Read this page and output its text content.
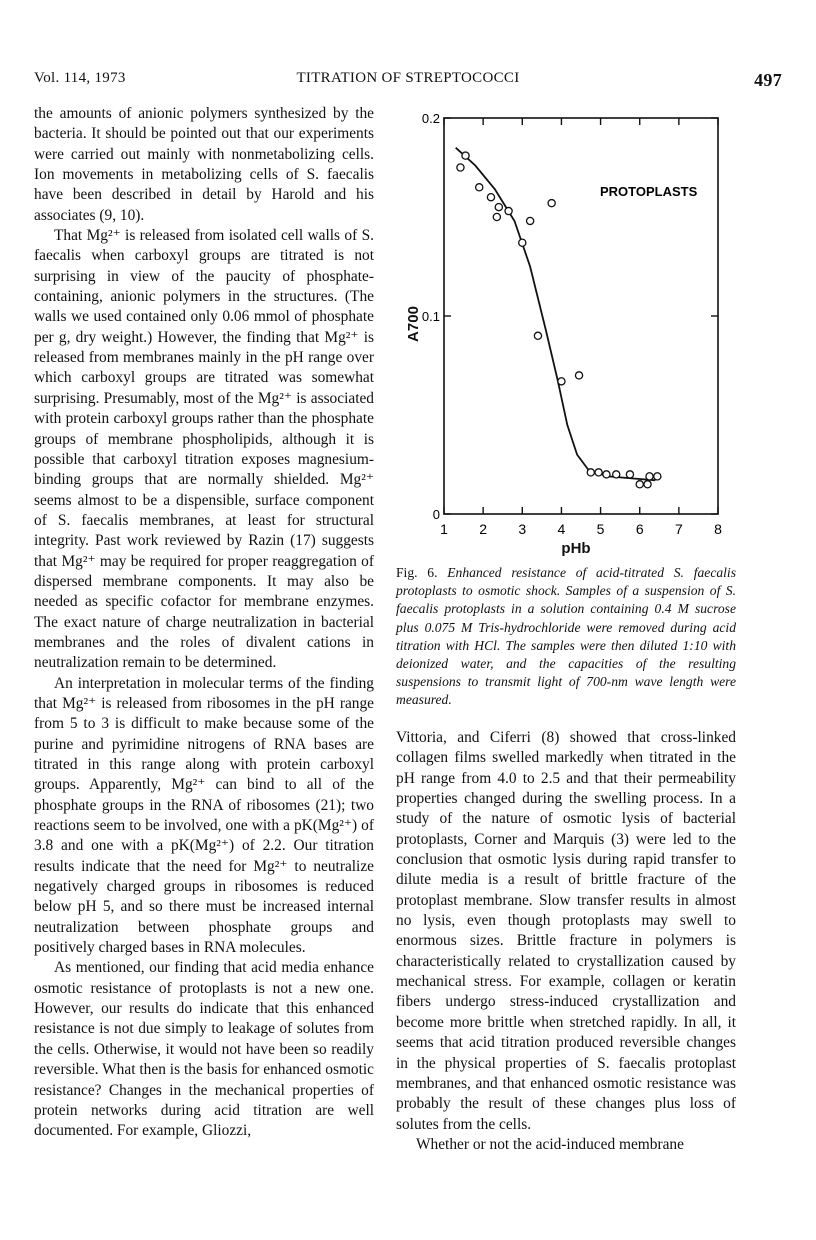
Vol. 114, 1973	TITRATION OF STREPTOCOCCI	497

the amounts of anionic polymers synthesized by the bacteria. It should be pointed out that our experiments were carried out mainly with nonmetabolizing cells. Ion movements in metabolizing cells of S. faecalis have been described in detail by Harold and his associates (9, 10).

That Mg²⁺ is released from isolated cell walls of S. faecalis when carboxyl groups are titrated is not surprising in view of the paucity of phosphate-containing, anionic polymers in the structures. (The walls we used contained only 0.06 mmol of phosphate per g, dry weight.) However, the finding that Mg²⁺ is released from membranes mainly in the pH range over which carboxyl groups are titrated was somewhat surprising. Presumably, most of the Mg²⁺ is associated with protein carboxyl groups rather than the phosphate groups of membrane phospholipids, although it is possible that carboxyl titration exposes magnesium-binding groups that are normally shielded. Mg²⁺ seems almost to be a dispensible, surface component of S. faecalis membranes, at least for structural integrity. Past work reviewed by Razin (17) suggests that Mg²⁺ may be required for proper reaggregation of dispersed membrane components. It may also be needed as specific cofactor for membrane enzymes. The exact nature of charge neutralization in bacterial membranes and the roles of divalent cations in neutralization remain to be determined.

An interpretation in molecular terms of the finding that Mg²⁺ is released from ribosomes in the pH range from 5 to 3 is difficult to make because some of the purine and pyrimidine nitrogens of RNA bases are titrated in this range along with protein carboxyl groups. Apparently, Mg²⁺ can bind to all of the phosphate groups in the RNA of ribosomes (21); two reactions seem to be involved, one with a pK(Mg²⁺) of 3.8 and one with a pK(Mg²⁺) of 2.2. Our titration results indicate that the need for Mg²⁺ to neutralize negatively charged groups in ribosomes is reduced below pH 5, and so there must be increased internal neutralization between phosphate groups and positively charged bases in RNA molecules.

As mentioned, our finding that acid media enhance osmotic resistance of protoplasts is not a new one. However, our results do indicate that this enhanced resistance is not due simply to leakage of solutes from the cells. Otherwise, it would not have been so readily reversible. What then is the basis for enhanced osmotic resistance? Changes in the mechanical properties of protein networks during acid titration are well documented. For example, Gliozzi,

1 2 3 4 5 6 7 8
0
0.1
0.2
PROTOPLASTS
A700
pHb
Fig. 6. Enhanced resistance of acid-titrated S. faecalis protoplasts to osmotic shock. Samples of a suspension of S. faecalis protoplasts in a solution containing 0.4 M sucrose plus 0.075 M Tris-hydrochloride were removed during acid titration with HCl. The samples were then diluted 1:10 with deionized water, and the capacities of the resulting suspensions to transmit light of 700-nm wave length were measured.

Vittoria, and Ciferri (8) showed that cross-linked collagen films swelled markedly when titrated in the pH range from 4.0 to 2.5 and that their permeability properties changed during the swelling process. In a study of the nature of osmotic lysis of bacterial protoplasts, Corner and Marquis (3) were led to the conclusion that osmotic lysis during rapid transfer to dilute media is a result of brittle fracture of the protoplast membrane. Slow transfer results in almost no lysis, even though protoplasts may swell to enormous sizes. Brittle fracture in polymers is characteristically related to crystallization caused by mechanical stress. For example, collagen or keratin fibers undergo stress-induced crystallization and become more brittle when stretched rapidly. In all, it seems that acid titration produced reversible changes in the physical properties of S. faecalis protoplast membranes, and that enhanced osmotic resistance was probably the result of these changes plus loss of solutes from the cells.

Whether or not the acid-induced membrane
